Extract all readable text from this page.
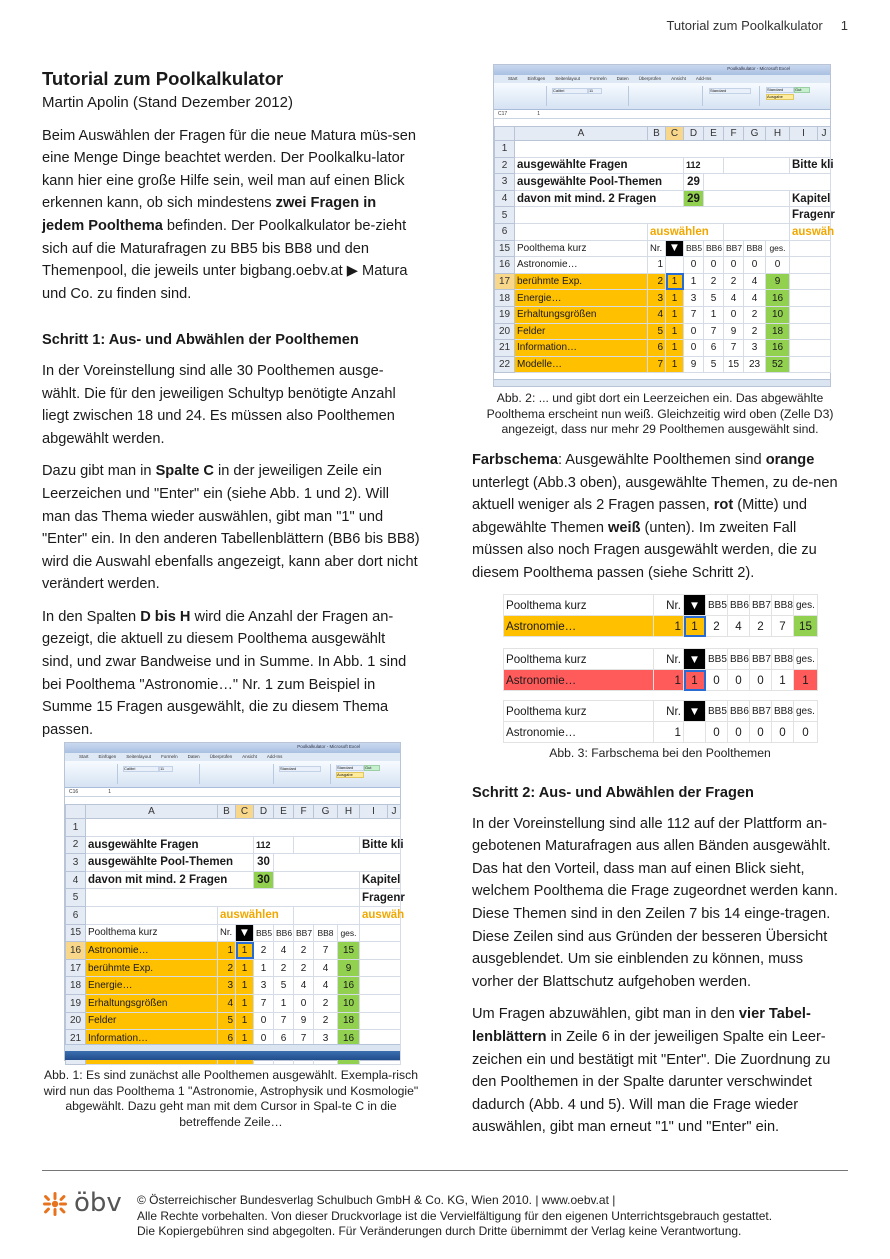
Tutorial zum Poolkalkulator 1
Tutorial zum Poolkalkulator
Martin Apolin (Stand Dezember 2012)

Beim Auswählen der Fragen für die neue Matura müs-sen eine Menge Dinge beachtet werden. Der Poolkalku-lator kann hier eine große Hilfe sein, weil man auf einen Blick erkennen kann, ob sich mindestens zwei Fragen in jedem Poolthema befinden. Der Poolkalkulator be-zieht sich auf die Maturafragen zu BB5 bis BB8 und den Themenpool, die jeweils unter bigbang.oebv.at ▶ Matura und Co. zu finden sind.

Schritt 1: Aus- und Abwählen der Poolthemen

In der Voreinstellung sind alle 30 Poolthemen ausge-wählt. Die für den jeweiligen Schultyp benötigte Anzahl liegt zwischen 18 und 24. Es müssen also Poolthemen abgewählt werden.

Dazu gibt man in Spalte C in der jeweiligen Zeile ein Leerzeichen und "Enter" ein (siehe Abb. 1 und 2). Will man das Thema wieder auswählen, gibt man "1" und "Enter" ein. In den anderen Tabellenblättern (BB6 bis BB8) wird die Auswahl ebenfalls angezeigt, kann aber dort nicht verändert werden.

In den Spalten D bis H wird die Anzahl der Fragen an-gezeigt, die aktuell zu diesem Poolthema ausgewählt sind, und zwar Bandweise und in Summe. In Abb. 1 sind bei Poolthema "Astronomie…" Nr. 1 zum Beispiel in Summe 15 Fragen ausgewählt, die zu diesem Thema passen.

Poolkalkulator - Microsoft Excel
Start Einfügen Seitenlayout Formeln Daten Überprüfen Ansicht Add-Ins
Calibri	11	Standard	Standard	Gut
Ausgabe
C16	1
	A	B	C	D	E	F	G	H	I	J
1										
2	ausgewählte Fragen			112					Bitte kli	
3	ausgewählte Pool-Themen			30						
4	davon mit mind. 2 Fragen			30					Kapitel	
5									Fragenr	
6		auswählen							auswäh	
15	Poolthema kurz	Nr.	▼	BB5	BB6	BB7	BB8	ges.		
16	Astronomie…	1	1	2	4	2	7	15		
17	berühmte Exp.	2	1	1	2	2	4	9		
18	Energie…	3	1	3	5	4	4	16		
19	Erhaltungsgrößen	4	1	7	1	0	2	10		
20	Felder	5	1	0	7	9	2	18		
21	Information…	6	1	0	6	7	3	16		

Abb. 1: Es sind zunächst alle Poolthemen ausgewählt. Exempla-risch wird nun das Poolthema 1 "Astronomie, Astrophysik und Kosmologie" abgewählt. Dazu geht man mit dem Cursor in Spal-te C in die betreffende Zeile…
Poolkalkulator - Microsoft Excel
Start Einfügen Seitenlayout Formeln Daten Überprüfen Ansicht Add-Ins
Calibri	11	Standard	Standard	Gut
Ausgabe
C17	1
	A	B	C	D	E	F	G	H	I	J
1										
2	ausgewählte Fragen			112					Bitte kli	
3	ausgewählte Pool-Themen			29						
4	davon mit mind. 2 Fragen			29					Kapitel	
5									Fragenr	
6		auswählen							auswäh	
15	Poolthema kurz	Nr.	▼	BB5	BB6	BB7	BB8	ges.		
16	Astronomie…	1		0	0	0	0	0		
17	berühmte Exp.	2	1	1	2	2	4	9		
18	Energie…	3	1	3	5	4	4	16		
19	Erhaltungsgrößen	4	1	7	1	0	2	10		
20	Felder	5	1	0	7	9	2	18		
21	Information…	6	1	0	6	7	3	16		
22	Modelle…	7	1	9	5	15	23	52		
Abb. 2: ... und gibt dort ein Leerzeichen ein. Das abgewählte Poolthema erscheint nun weiß. Gleichzeitig wird oben (Zelle D3) angezeigt, dass nur mehr 29 Poolthemen ausgewählt sind.

Farbschema: Ausgewählte Poolthemen sind orange unterlegt (Abb.3 oben), ausgewählte Themen, zu de-nen aktuell weniger als 2 Fragen passen, rot (Mitte) und abgewählte Themen weiß (unten). Im zweiten Fall müssen also noch Fragen ausgewählt werden, die zu diesem Poolthema passen (siehe Schritt 2).

Poolthema kurz	Nr.	▼	BB5	BB6	BB7	BB8	ges.
Astronomie…	1	1	2	4	2	7	15
Poolthema kurz	Nr.	▼	BB5	BB6	BB7	BB8	ges.
Astronomie…	1	1	0	0	0	1	1
Poolthema kurz	Nr.	▼	BB5	BB6	BB7	BB8	ges.
Astronomie…	1		0	0	0	0	0
Abb. 3: Farbschema bei den Poolthemen
Schritt 2: Aus- und Abwählen der Fragen

In der Voreinstellung sind alle 112 auf der Plattform an-gebotenen Maturafragen aus allen Bänden ausgewählt. Das hat den Vorteil, dass man auf einen Blick sieht, welchem Poolthema die Frage zugeordnet werden kann. Diese Themen sind in den Zeilen 7 bis 14 einge-tragen. Diese Zeilen sind aus Gründen der besseren Übersicht ausgeblendet. Um sie einblenden zu können, muss vorher der Blattschutz aufgehoben werden.

Um Fragen abzuwählen, gibt man in den vier Tabel-lenblättern in Zeile 6 in der jeweiligen Spalte ein Leer-zeichen ein und bestätigt mit "Enter". Die Zuordnung zu den Poolthemen in der Spalte darunter verschwindet dadurch (Abb. 4 und 5). Will man die Frage wieder auswählen, gibt man erneut "1" und "Enter" ein.

öbv © Österreichischer Bundesverlag Schulbuch GmbH & Co. KG, Wien 2010. | www.oebv.at |
Alle Rechte vorbehalten. Von dieser Druckvorlage ist die Vervielfältigung für den eigenen Unterrichtsgebrauch gestattet.
Die Kopiergebühren sind abgegolten. Für Veränderungen durch Dritte übernimmt der Verlag keine Verantwortung.
